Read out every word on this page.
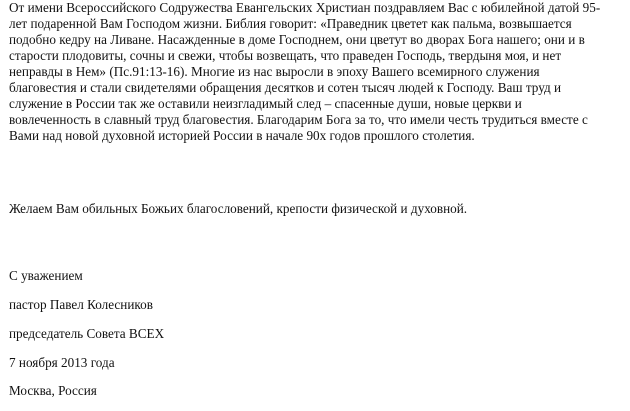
От имени Всероссийского Содружества Евангельских Христиан поздравляем Вас с юбилейной датой 95-
лет подаренной Вам Господом жизни. Библия говорит: «Праведник цветет как пальма, возвышается
подобно кедру на Ливане. Насажденные в доме Господнем, они цветут во дворах Бога нашего; они и в
старости плодовиты, сочны и свежи, чтобы возвещать, что праведен Господь, твердыня моя, и нет
неправды в Нем» (Пс.91:13-16). Многие из нас выросли в эпоху Вашего всемирного служения
благовестия и стали свидетелями обращения десятков и сотен тысяч людей к Господу. Ваш труд и
служение в России так же оставили неизгладимый след – спасенные души, новые церкви и
вовлеченность в славный труд благовестия. Благодарим Бога за то, что имели честь трудиться вместе с
Вами над новой духовной историей России в начале 90х годов прошлого столетия.
Желаем Вам обильных Божьих благословений, крепости физической и духовной.
С уважением
пастор Павел Колесников
председатель Совета ВСЕХ
7 ноября 2013 года
Москва, Россия
